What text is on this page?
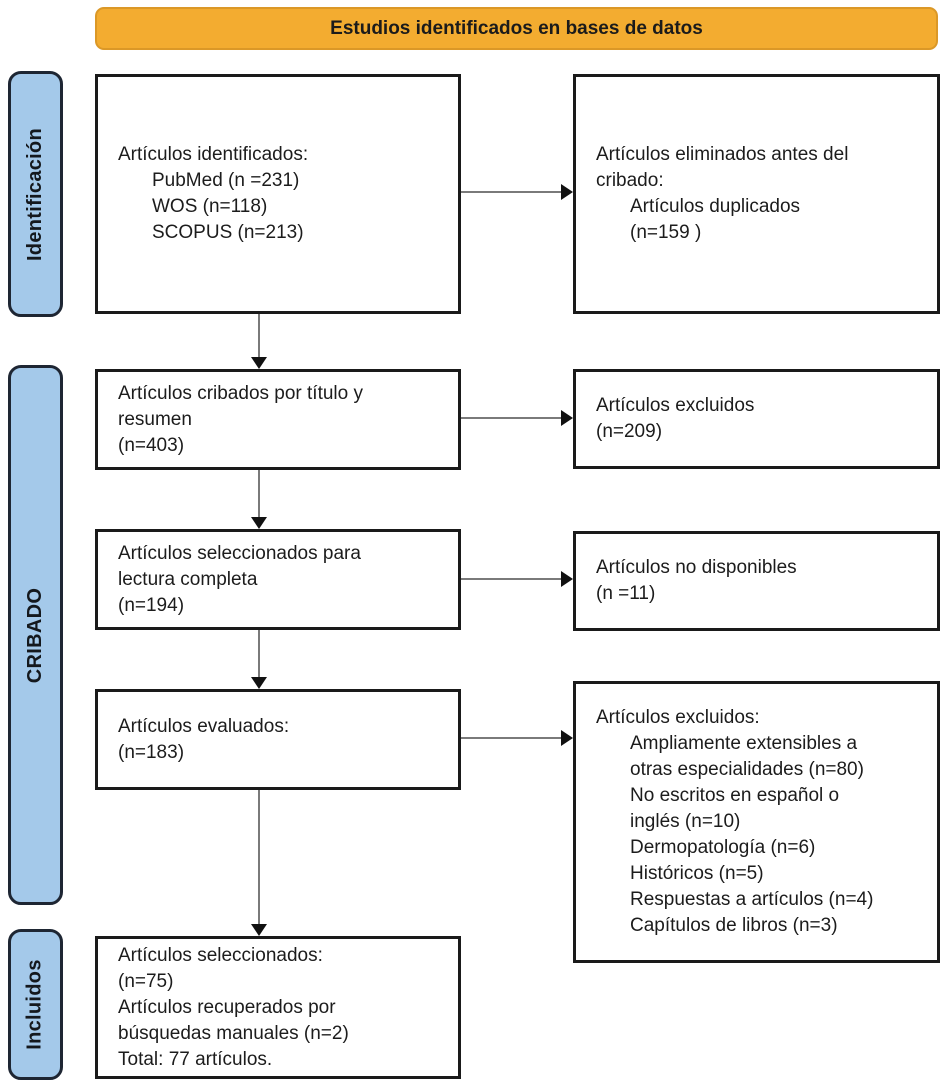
Estudios identificados en bases de datos
Identificación
CRIBADO
Incluidos
Artículos identificados:
PubMed (n =231)
WOS (n=118)
SCOPUS (n=213)
Artículos eliminados antes del
cribado:
Artículos duplicados
(n=159 )
Artículos cribados por título y
resumen
(n=403)
Artículos excluidos
(n=209)
Artículos seleccionados para
lectura completa
(n=194)
Artículos no disponibles
(n =11)
Artículos evaluados:
(n=183)
Artículos excluidos:
Ampliamente extensibles a
otras especialidades (n=80)
No escritos en español o
inglés (n=10)
Dermopatología (n=6)
Históricos (n=5)
Respuestas a artículos (n=4)
Capítulos de libros (n=3)
Artículos seleccionados:
(n=75)
Artículos recuperados por
búsquedas manuales (n=2)
Total: 77 artículos.
